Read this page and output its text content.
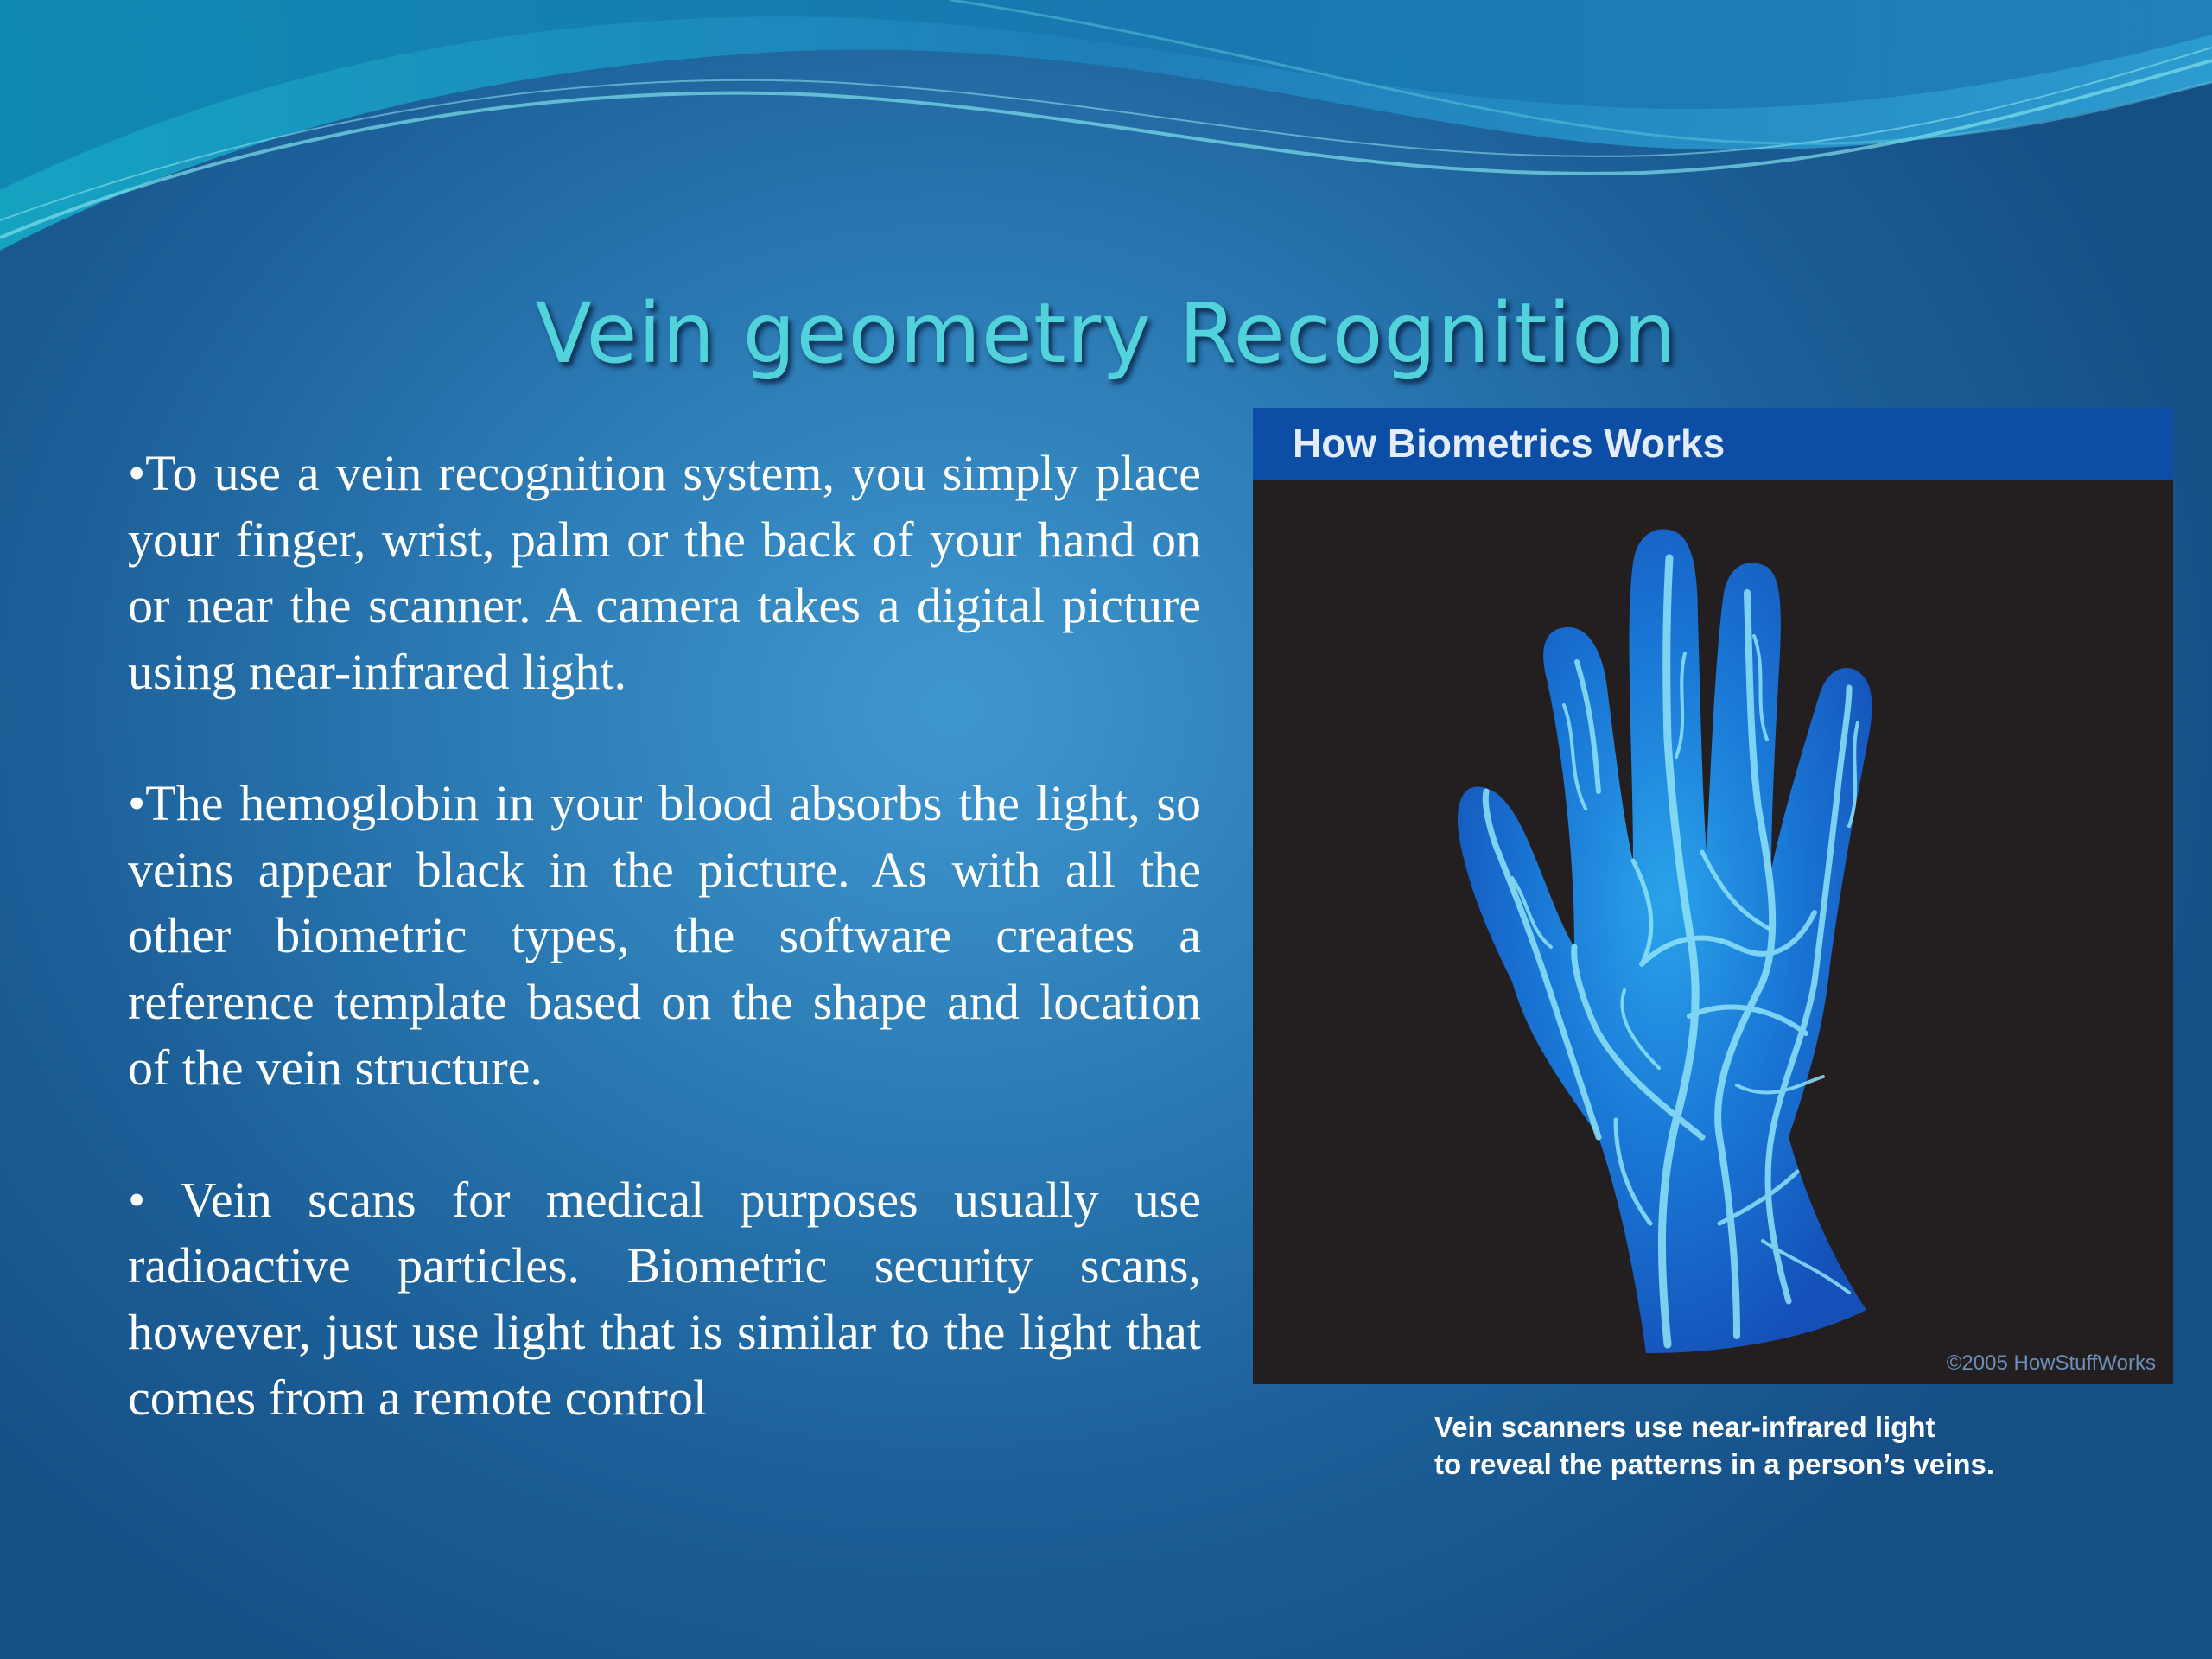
Vein geometry Recognition

•To use a vein recognition system, you simply place your finger, wrist, palm or the back of your hand on or near the scanner. A camera takes a digital picture using near-infrared light.

•The hemoglobin in your blood absorbs the light, so veins appear black in the picture. As with all the other biometric types, the software creates a reference template based on the shape and location of the vein structure.

• Vein scans for medical purposes usually use radioactive particles. Biometric security scans, however, just use light that is similar to the light that comes from a remote control

How Biometrics Works
©2005 HowStuffWorks
Vein scanners use near-infrared light
to reveal the patterns in a person’s veins.
